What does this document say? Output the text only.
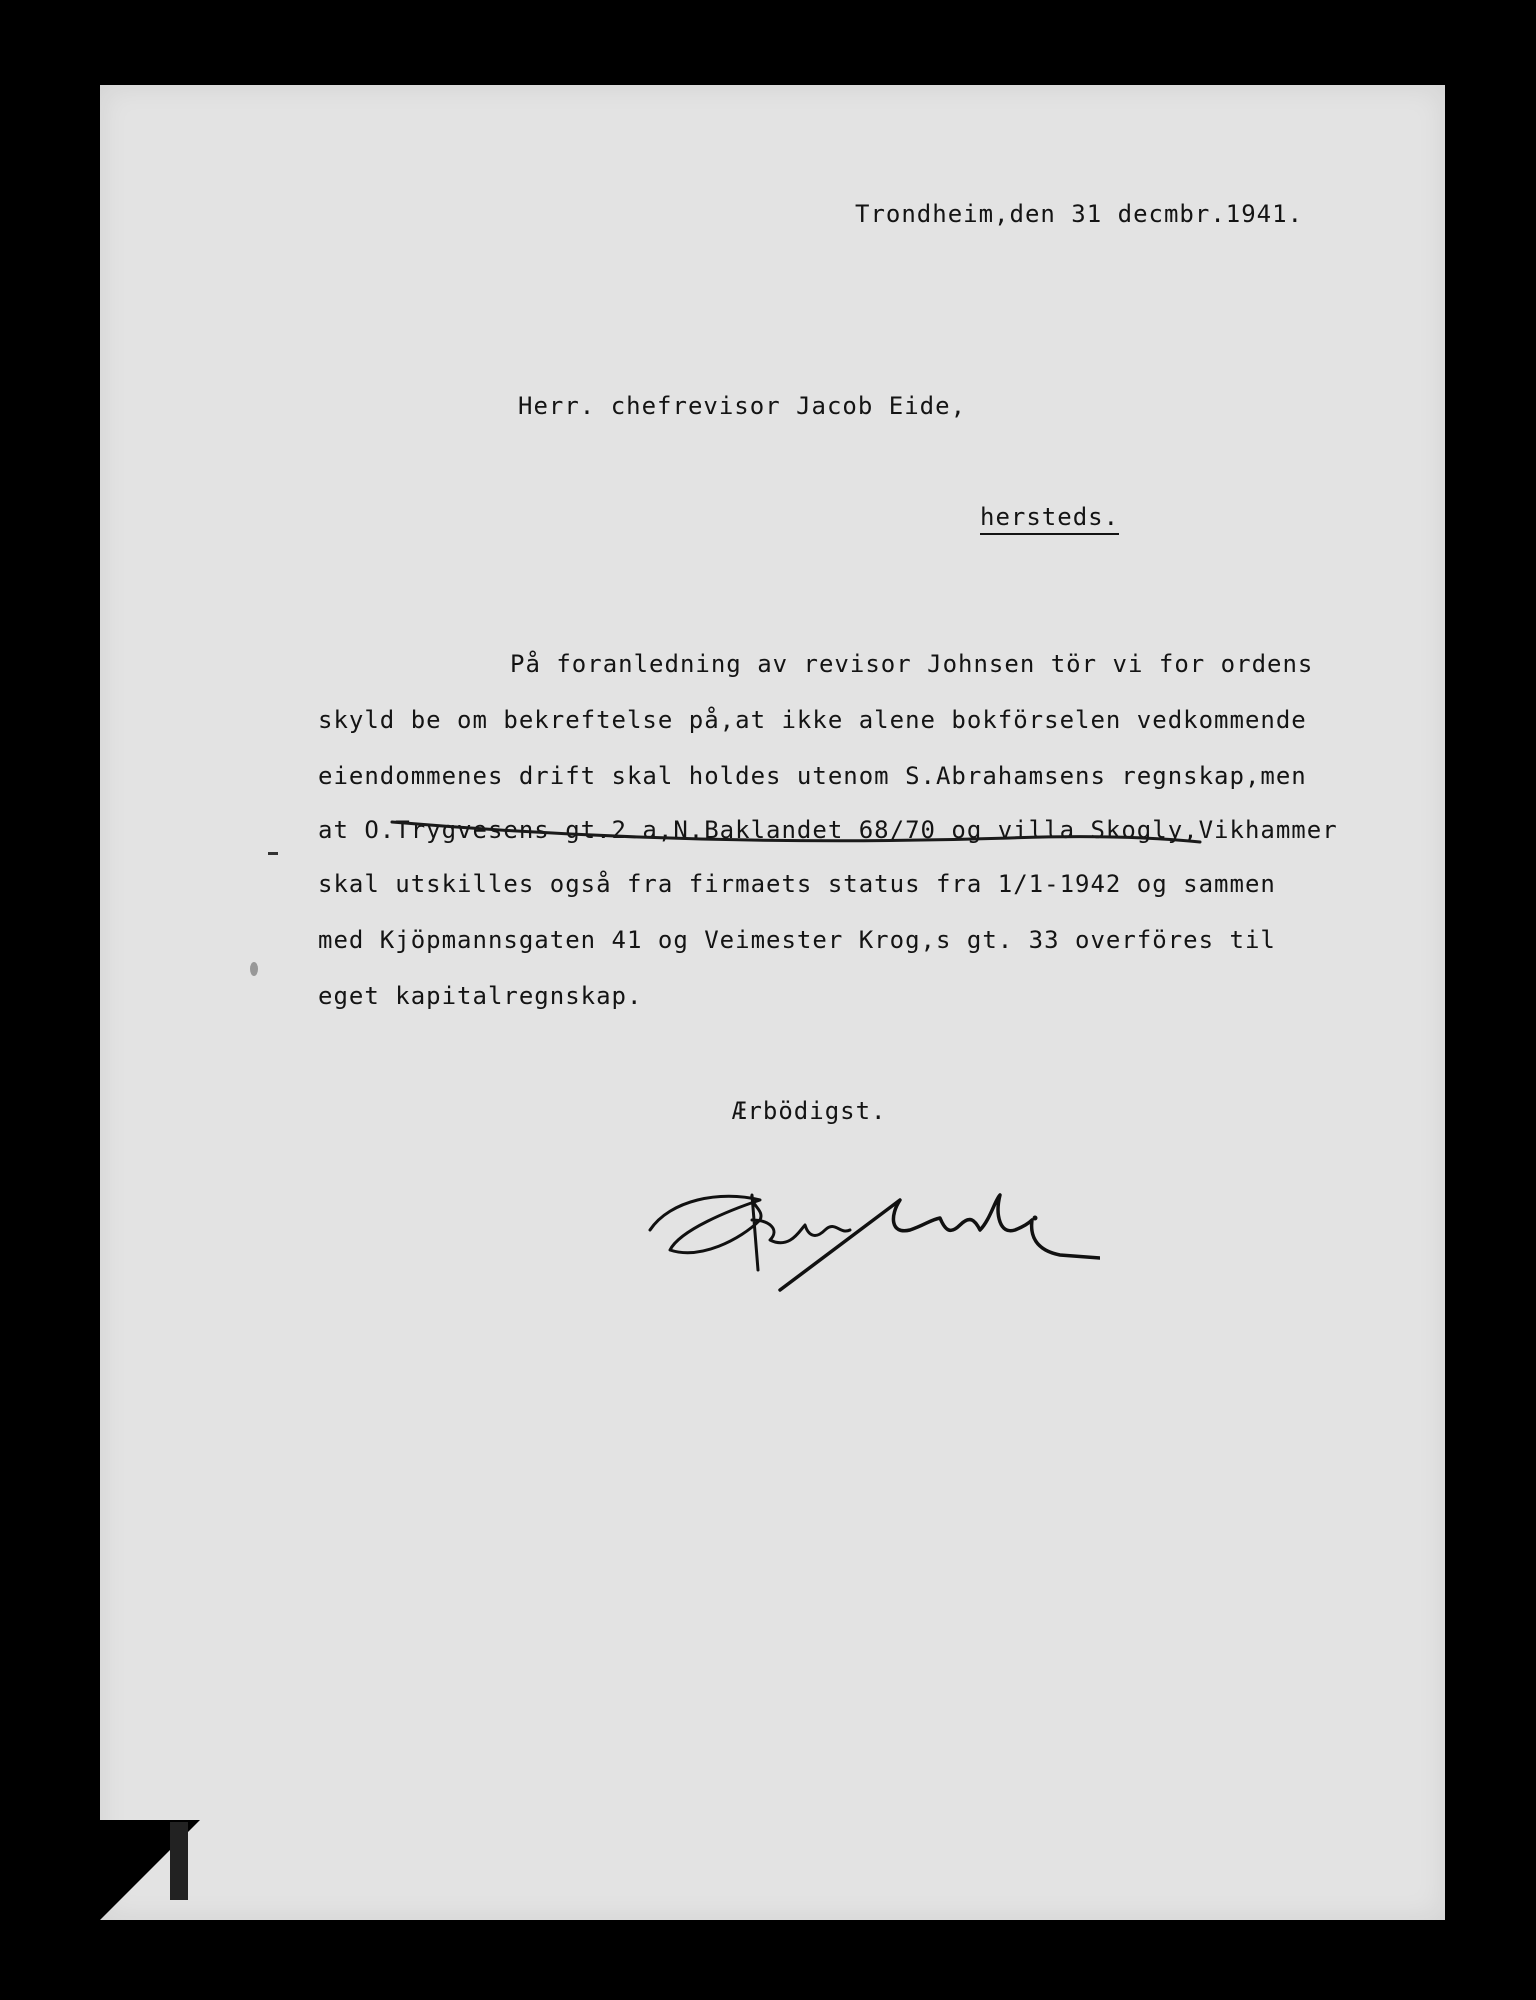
Trondheim,den 31 decmbr.1941.
Herr. chefrevisor Jacob Eide,
hersteds.
På foranledning av revisor Johnsen tör vi for ordens
skyld be om bekreftelse på,at ikke alene bokförselen vedkommende
eiendommenes drift skal holdes utenom S.Abrahamsens regnskap,men
at O.Trygvesens gt.2 a,N.Baklandet 68/70 og villa Skogly,Vikhammer
skal utskilles også fra firmaets status fra 1/1-1942 og sammen
med Kjöpmannsgaten 41 og Veimester Krog,s gt. 33 overföres til
eget kapitalregnskap.
Ærbödigst.
